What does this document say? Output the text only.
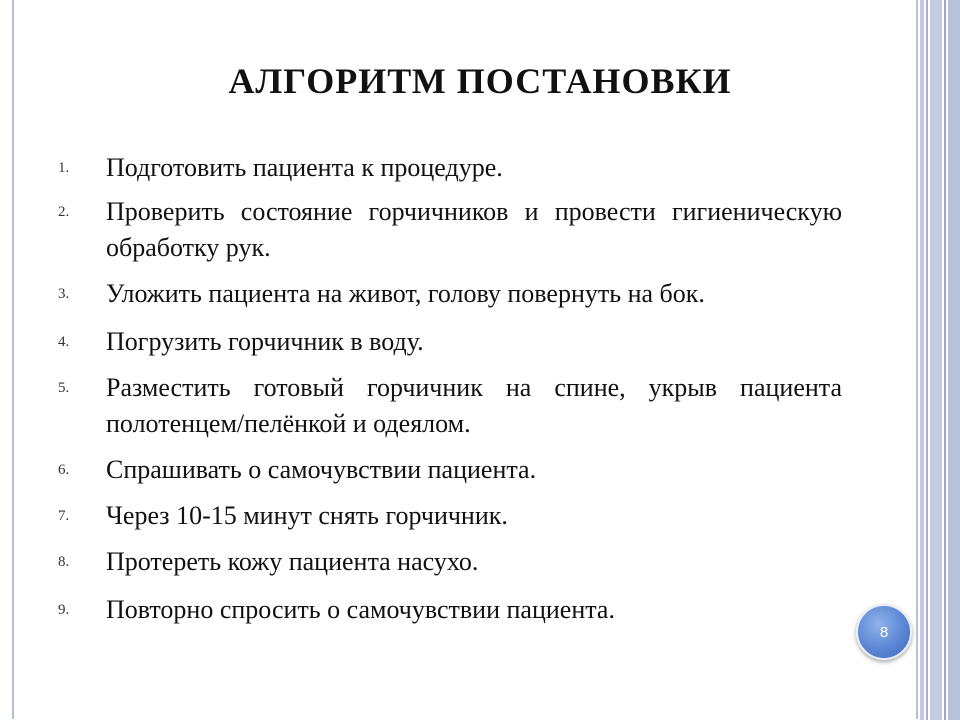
АЛГОРИТМ ПОСТАНОВКИ
1. Подготовить пациента к процедуре.
2. Проверить состояние горчичников и провести гигиеническую обработку рук.
3. Уложить пациента на живот, голову повернуть на бок.
4. Погрузить горчичник в воду.
5. Разместить готовый горчичник на спине, укрыв пациента полотенцем/пелёнкой и одеялом.
6. Спрашивать о самочувствии пациента.
7. Через 10-15 минут снять горчичник.
8. Протереть кожу пациента насухо.
9. Повторно спросить о самочувствии пациента.
8
